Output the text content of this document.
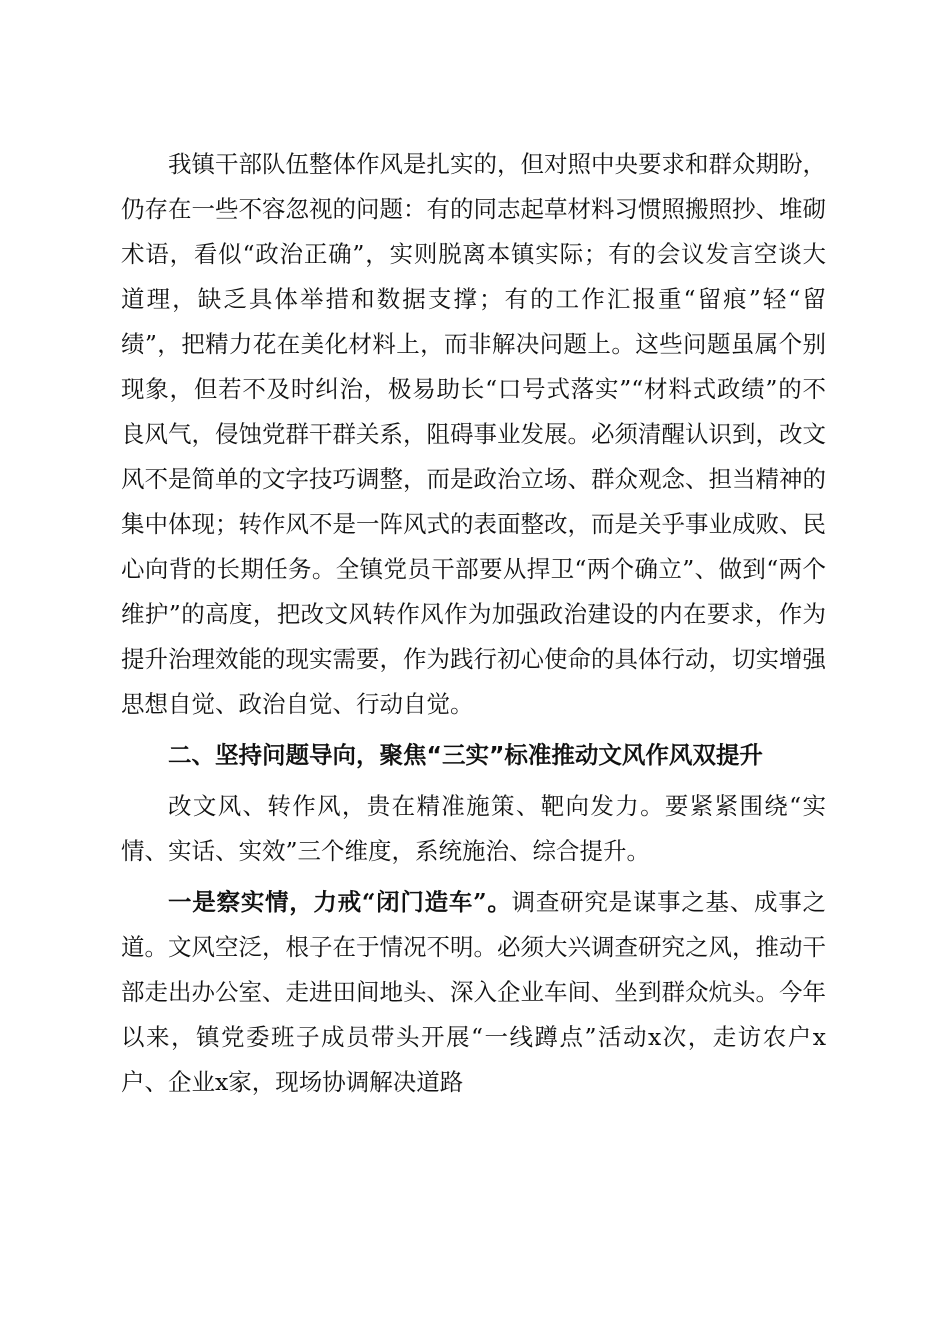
我镇干部队伍整体作风是扎实的，但对照中央要求和群众期盼，仍存在一些不容忽视的问题：有的同志起草材料习惯照搬照抄、堆砌术语，看似“政治正确”，实则脱离本镇实际；有的会议发言空谈大道理，缺乏具体举措和数据支撑；有的工作汇报重“留痕”轻“留绩”，把精力花在美化材料上，而非解决问题上。这些问题虽属个别现象，但若不及时纠治，极易助长“口号式落实”“材料式政绩”的不良风气，侵蚀党群干群关系，阻碍事业发展。必须清醒认识到，改文风不是简单的文字技巧调整，而是政治立场、群众观念、担当精神的集中体现；转作风不是一阵风式的表面整改，而是关乎事业成败、民心向背的长期任务。全镇党员干部要从捍卫“两个确立”、做到“两个维护”的高度，把改文风转作风作为加强政治建设的内在要求，作为提升治理效能的现实需要，作为践行初心使命的具体行动，切实增强思想自觉、政治自觉、行动自觉。

二、坚持问题导向，聚焦“三实”标准推动文风作风双提升

改文风、转作风，贵在精准施策、靶向发力。要紧紧围绕“实情、实话、实效”三个维度，系统施治、综合提升。

一是察实情，力戒“闭门造车”。调查研究是谋事之基、成事之道。文风空泛，根子在于情况不明。必须大兴调查研究之风，推动干部走出办公室、走进田间地头、深入企业车间、坐到群众炕头。今年以来，镇党委班子成员带头开展“一线蹲点”活动x次，走访农户x户、企业x家，现场协调解决道路
